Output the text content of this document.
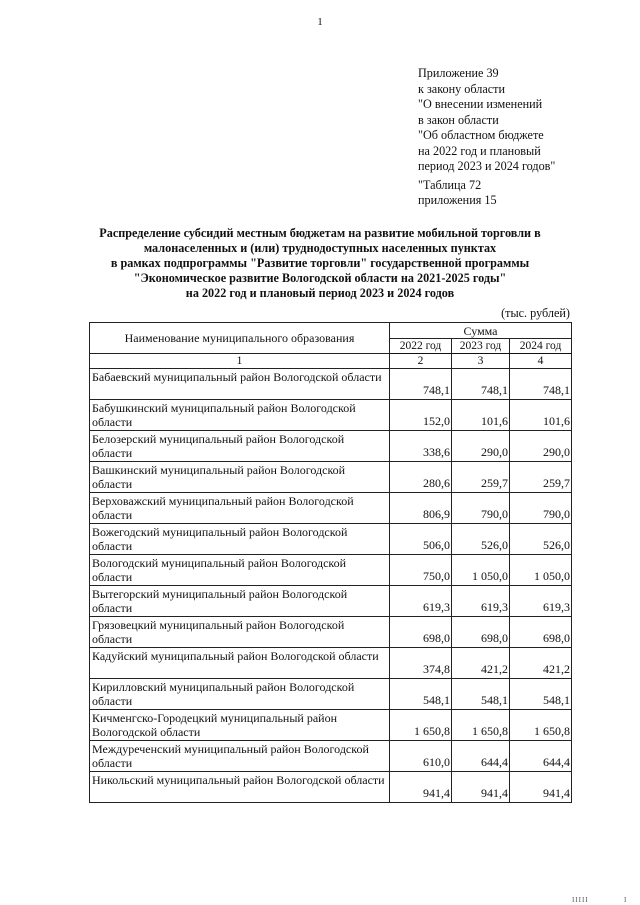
1
Приложение 39
к закону области
"О внесении изменений
в закон области
"Об областном бюджете
на 2022 год и плановый
период 2023 и 2024 годов"
"Таблица 72
приложения 15
Распределение субсидий местным бюджетам на развитие мобильной торговли в
малонаселенных и (или) труднодоступных населенных пунктах
в рамках подпрограммы "Развитие торговли" государственной программы
"Экономическое развитие Вологодской области на 2021-2025 годы"
на 2022 год и плановый период 2023 и 2024 годов
(тыс. рублей)
Наименование муниципального образования	Сумма		
	2022 год	2023 год	2024 год
1	2	3	4
Бабаевский муниципальный район Вологодской области	748,1	748,1	748,1
Бабушкинский муниципальный район Вологодской области	152,0	101,6	101,6
Белозерский муниципальный район Вологодской области	338,6	290,0	290,0
Вашкинский муниципальный район Вологодской области	280,6	259,7	259,7
Верховажский муниципальный район Вологодской области	806,9	790,0	790,0
Вожегодский муниципальный район Вологодской области	506,0	526,0	526,0
Вологодский муниципальный район Вологодской области	750,0	1 050,0	1 050,0
Вытегорский муниципальный район Вологодской области	619,3	619,3	619,3
Грязовецкий муниципальный район Вологодской области	698,0	698,0	698,0
Кадуйский муниципальный район Вологодской области	374,8	421,2	421,2
Кирилловский муниципальный район Вологодской области	548,1	548,1	548,1
Кичменгско-Городецкий муниципальный район Вологодской области	1 650,8	1 650,8	1 650,8
Междуреченский муниципальный район Вологодской области	610,0	644,4	644,4
Никольский муниципальный район Вологодской области	941,4	941,4	941,4
IIIII	I
